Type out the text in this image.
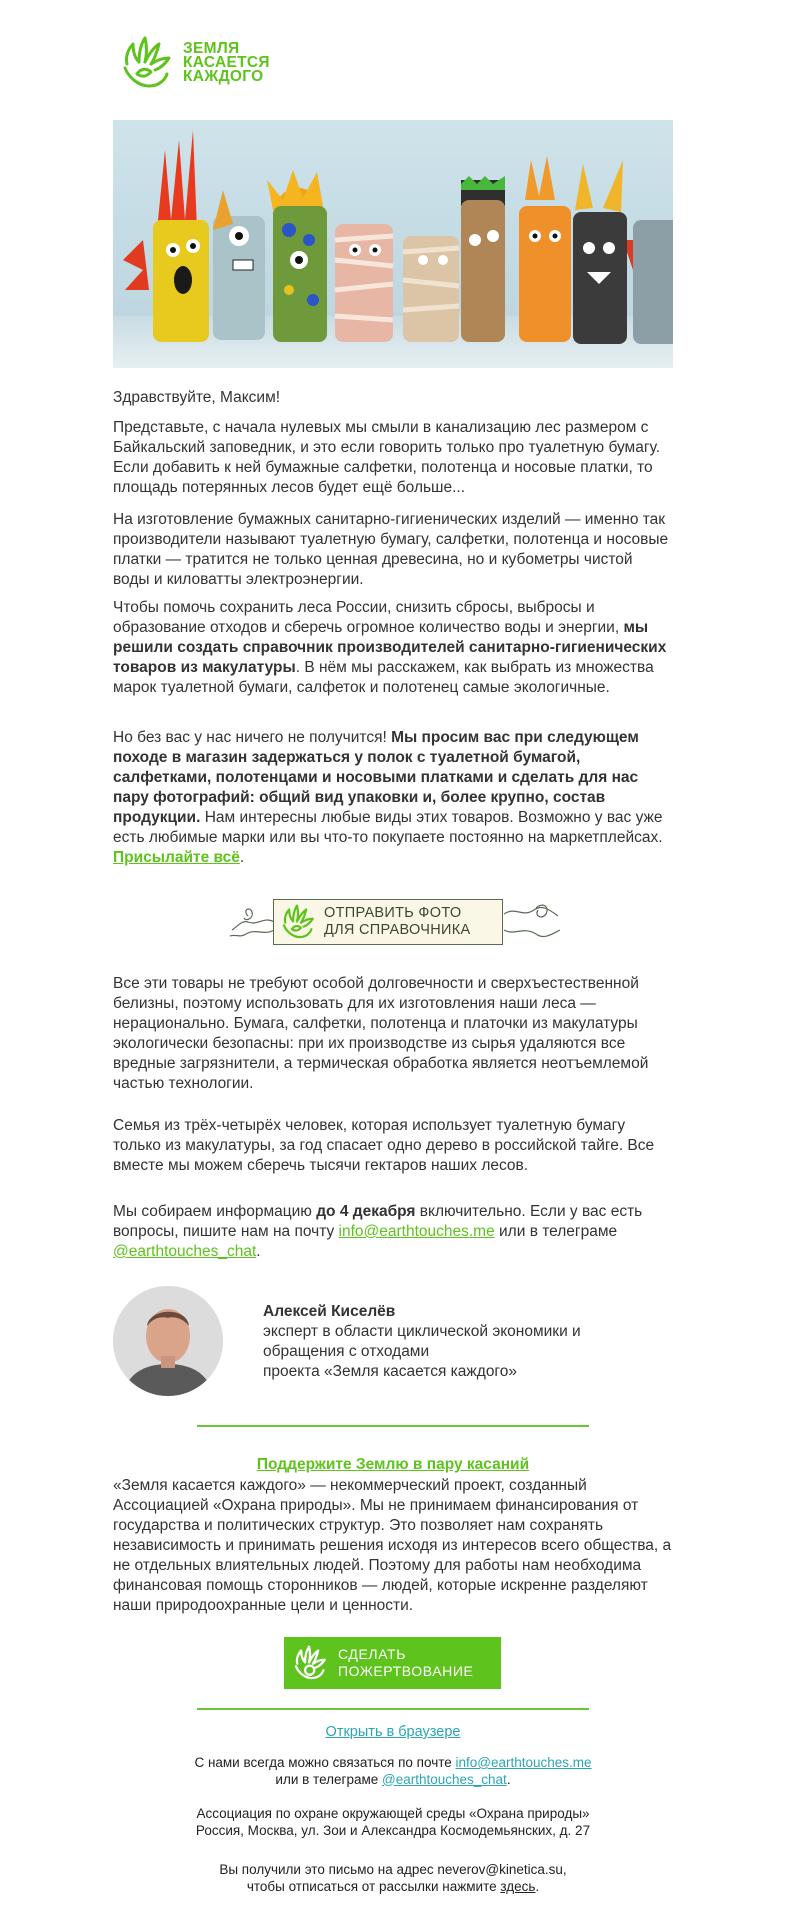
ЗЕМЛЯ
КАСАЕТСЯ
КАЖДОГО
Здравствуйте, Максим!
Представьте, с начала нулевых мы смыли в канализацию лес размером с Байкальский заповедник, и это если говорить только про туалетную бумагу. Если добавить к ней бумажные салфетки, полотенца и носовые платки, то площадь потерянных лесов будет ещё больше...
На изготовление бумажных санитарно-гигиенических изделий — именно так производители называют туалетную бумагу, салфетки, полотенца и носовые платки — тратится не только ценная древесина, но и кубометры чистой воды и киловатты электроэнергии.
Чтобы помочь сохранить леса России, снизить сбросы, выбросы и образование отходов и сберечь огромное количество воды и энергии, мы решили создать справочник производителей санитарно-гигиенических товаров из макулатуры. В нём мы расскажем, как выбрать из множества марок туалетной бумаги, салфеток и полотенец самые экологичные.
Но без вас у нас ничего не получится! Мы просим вас при следующем походе в магазин задержаться у полок с туалетной бумагой, салфетками, полотенцами и носовыми платками и сделать для нас пару фотографий: общий вид упаковки и, более крупно, состав продукции. Нам интересны любые виды этих товаров. Возможно у вас уже есть любимые марки или вы что-то покупаете постоянно на маркетплейсах. Присылайте всё.
ОТПРАВИТЬ ФОТО
ДЛЯ СПРАВОЧНИКА
Все эти товары не требуют особой долговечности и сверхъестественной белизны, поэтому использовать для их изготовления наши леса — нерационально. Бумага, салфетки, полотенца и платочки из макулатуры экологически безопасны: при их производстве из сырья удаляются все вредные загрязнители, а термическая обработка является неотъемлемой частью технологии.
Семья из трёх-четырёх человек, которая использует туалетную бумагу только из макулатуры, за год спасает одно дерево в российской тайге. Все вместе мы можем сберечь тысячи гектаров наших лесов.
Мы собираем информацию до 4 декабря включительно. Если у вас есть вопросы, пишите нам на почту info@earthtouches.me или в телеграме @earthtouches_chat.
Алексей Киселёв
эксперт в области циклической экономики и обращения с отходами
проекта «Земля касается каждого»
Поддержите Землю в пару касаний
«Земля касается каждого» — некоммерческий проект, созданный Ассоциацией «Охрана природы». Мы не принимаем финансирования от государства и политических структур. Это позволяет нам сохранять независимость и принимать решения исходя из интересов всего общества, а не отдельных влиятельных людей. Поэтому для работы нам необходима финансовая помощь сторонников — людей, которые искренне разделяют наши природоохранные цели и ценности.
СДЕЛАТЬ
ПОЖЕРТВОВАНИЕ
Открыть в браузере
С нами всегда можно связаться по почте info@earthtouches.me
или в телеграме @earthtouches_chat.
Ассоциация по охране окружающей среды «Охрана природы»
Россия, Москва, ул. Зои и Александра Космодемьянских, д. 27
Вы получили это письмо на адрес neverov@kinetica.su,
чтобы отписаться от рассылки нажмите здесь.
